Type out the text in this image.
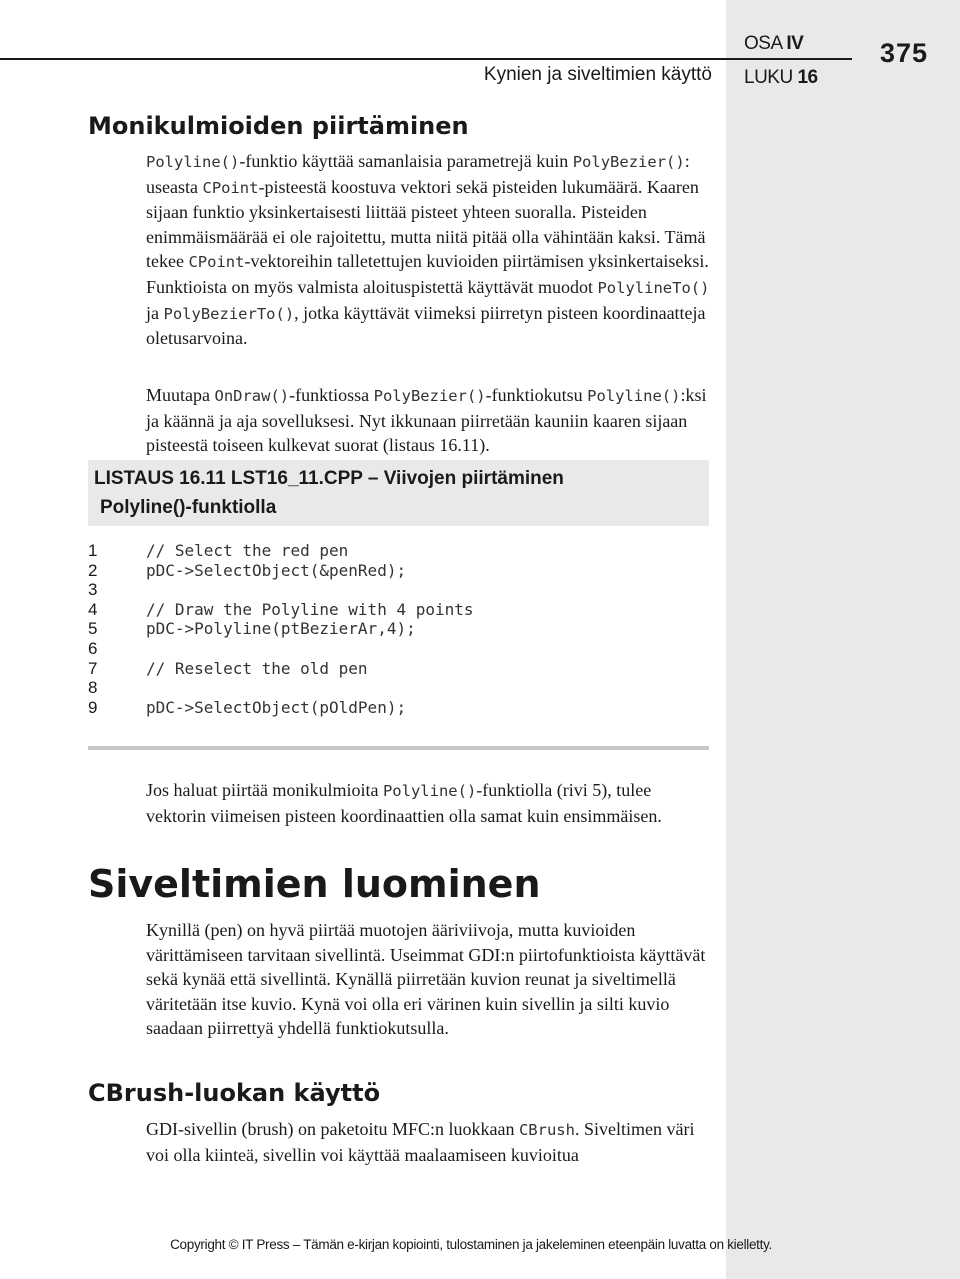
Kynien ja siveltimien käyttö
OSA IV
LUKU 16
375
Monikulmioiden piirtäminen

Polyline()-funktio käyttää samanlaisia parametrejä kuin PolyBezier(): useasta CPoint-pisteestä koostuva vektori sekä pisteiden lukumäärä. Kaaren sijaan funktio yksinkertaisesti liittää pisteet yhteen suoralla. Pisteiden enimmäismäärää ei ole rajoitettu, mutta niitä pitää olla vähintään kaksi. Tämä tekee CPoint-vektoreihin talletettujen kuvioiden piirtämisen yksinkertaiseksi. Funktioista on myös valmista aloituspistettä käyttävät muodot PolylineTo() ja PolyBezierTo(), jotka käyttävät viimeksi piirretyn pisteen koordinaatteja oletusarvoina.

Muutapa OnDraw()-funktiossa PolyBezier()-funktiokutsu Polyline():ksi ja käännä ja aja sovelluksesi. Nyt ikkunaan piirretään kauniin kaaren sijaan pisteestä toiseen kulkevat suorat (listaus 16.11).

LISTAUS 16.11 LST16_11.CPP – Viivojen piirtäminen
Polyline()-funktiolla
1	// Select the red pen
2	pDC->SelectObject(&penRed);
3
4	// Draw the Polyline with 4 points
5	pDC->Polyline(ptBezierAr,4);
6
7	// Reselect the old pen
8
9	pDC->SelectObject(pOldPen);

Jos haluat piirtää monikulmioita Polyline()-funktiolla (rivi 5), tulee vektorin viimeisen pisteen koordinaattien olla samat kuin ensimmäisen.

Siveltimien luominen

Kynillä (pen) on hyvä piirtää muotojen ääriviivoja, mutta kuvioiden värittämiseen tarvitaan sivellintä. Useimmat GDI:n piirtofunktioista käyttävät sekä kynää että sivellintä. Kynällä piirretään kuvion reunat ja siveltimellä väritetään itse kuvio. Kynä voi olla eri värinen kuin sivellin ja silti kuvio saadaan piirrettyä yhdellä funktiokutsulla.

CBrush-luokan käyttö

GDI-sivellin (brush) on paketoitu MFC:n luokkaan CBrush. Siveltimen väri voi olla kiinteä, sivellin voi käyttää maalaamiseen kuvioitua

Copyright © IT Press – Tämän e-kirjan kopiointi, tulostaminen ja jakeleminen eteenpäin luvatta on kielletty.
